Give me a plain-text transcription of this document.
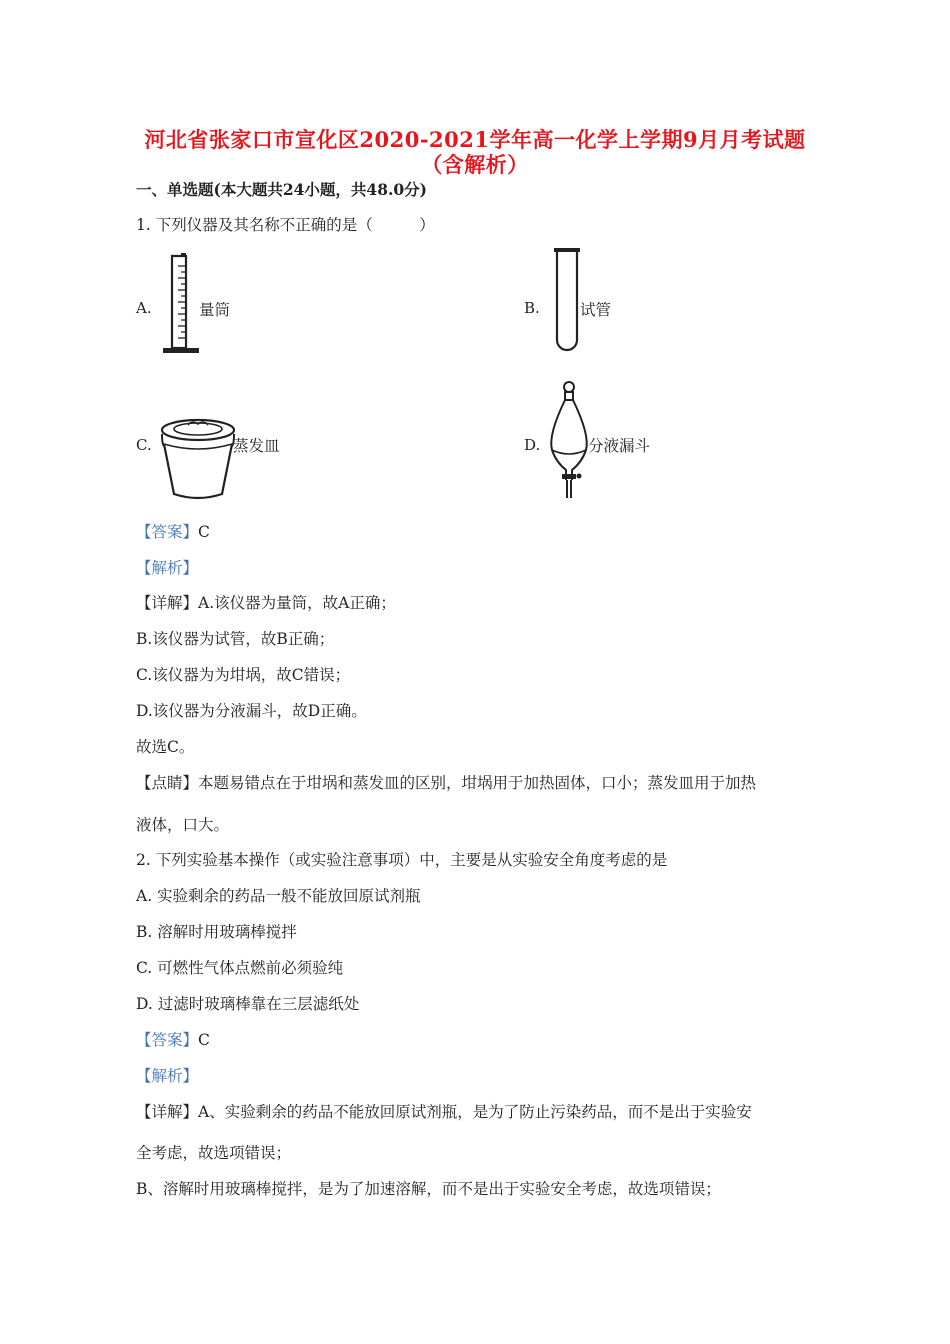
河北省张家口市宣化区2020-2021学年高一化学上学期9月月考试题
（含解析）
一、单选题(本大题共24小题，共48.0分)
1. 下列仪器及其名称不正确的是（　　　）
A.	量筒	B.	试管
C.	蒸发皿	D.	分液漏斗
【答案】C
【解析】
【详解】A.该仪器为量筒，故A正确；
B.该仪器为试管，故B正确；
C.该仪器为为坩埚，故C错误；
D.该仪器为分液漏斗，故D正确。
故选C。
【点睛】本题易错点在于坩埚和蒸发皿的区别，坩埚用于加热固体，口小；蒸发皿用于加热
液体，口大。
2. 下列实验基本操作（或实验注意事项）中，主要是从实验安全角度考虑的是
A. 实验剩余的药品一般不能放回原试剂瓶
B. 溶解时用玻璃棒搅拌
C. 可燃性气体点燃前必须验纯
D. 过滤时玻璃棒靠在三层滤纸处
【答案】C
【解析】
【详解】A、实验剩余的药品不能放回原试剂瓶，是为了防止污染药品，而不是出于实验安
全考虑，故选项错误；
B、溶解时用玻璃棒搅拌，是为了加速溶解，而不是出于实验安全考虑，故选项错误；
